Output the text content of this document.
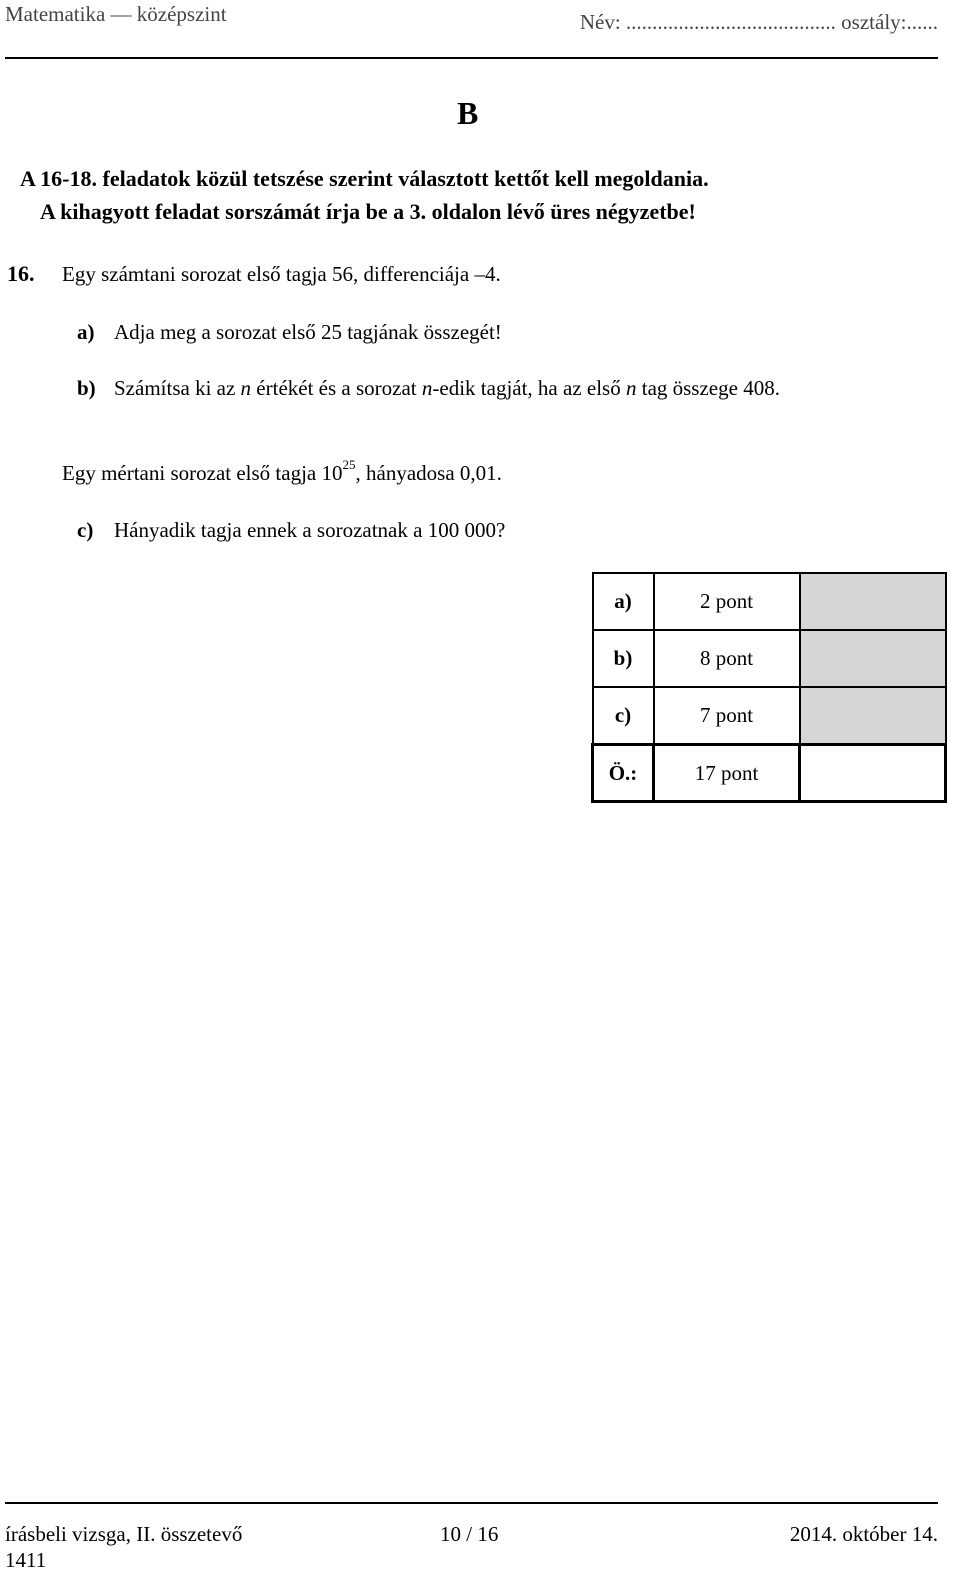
Matematika — középszint	Név: ........................................ osztály:......
B
A 16-18. feladatok közül tetszése szerint választott kettőt kell megoldania.
A kihagyott feladat sorszámát írja be a 3. oldalon lévő üres négyzetbe!
16. Egy számtani sorozat első tagja 56, differenciája –4.
a) Adja meg a sorozat első 25 tagjának összegét!
b) Számítsa ki az n értékét és a sorozat n-edik tagját, ha az első n tag összege 408.
Egy mértani sorozat első tagja $10^{25}$, hányadosa 0,01.
c) Hányadik tagja ennek a sorozatnak a 100 000?
a)	2 pont	
b)	8 pont	
c)	7 pont	
Ö.:	17 pont	
írásbeli vizsga, II. összetevő	10 / 16	2014. október 14.
1411
